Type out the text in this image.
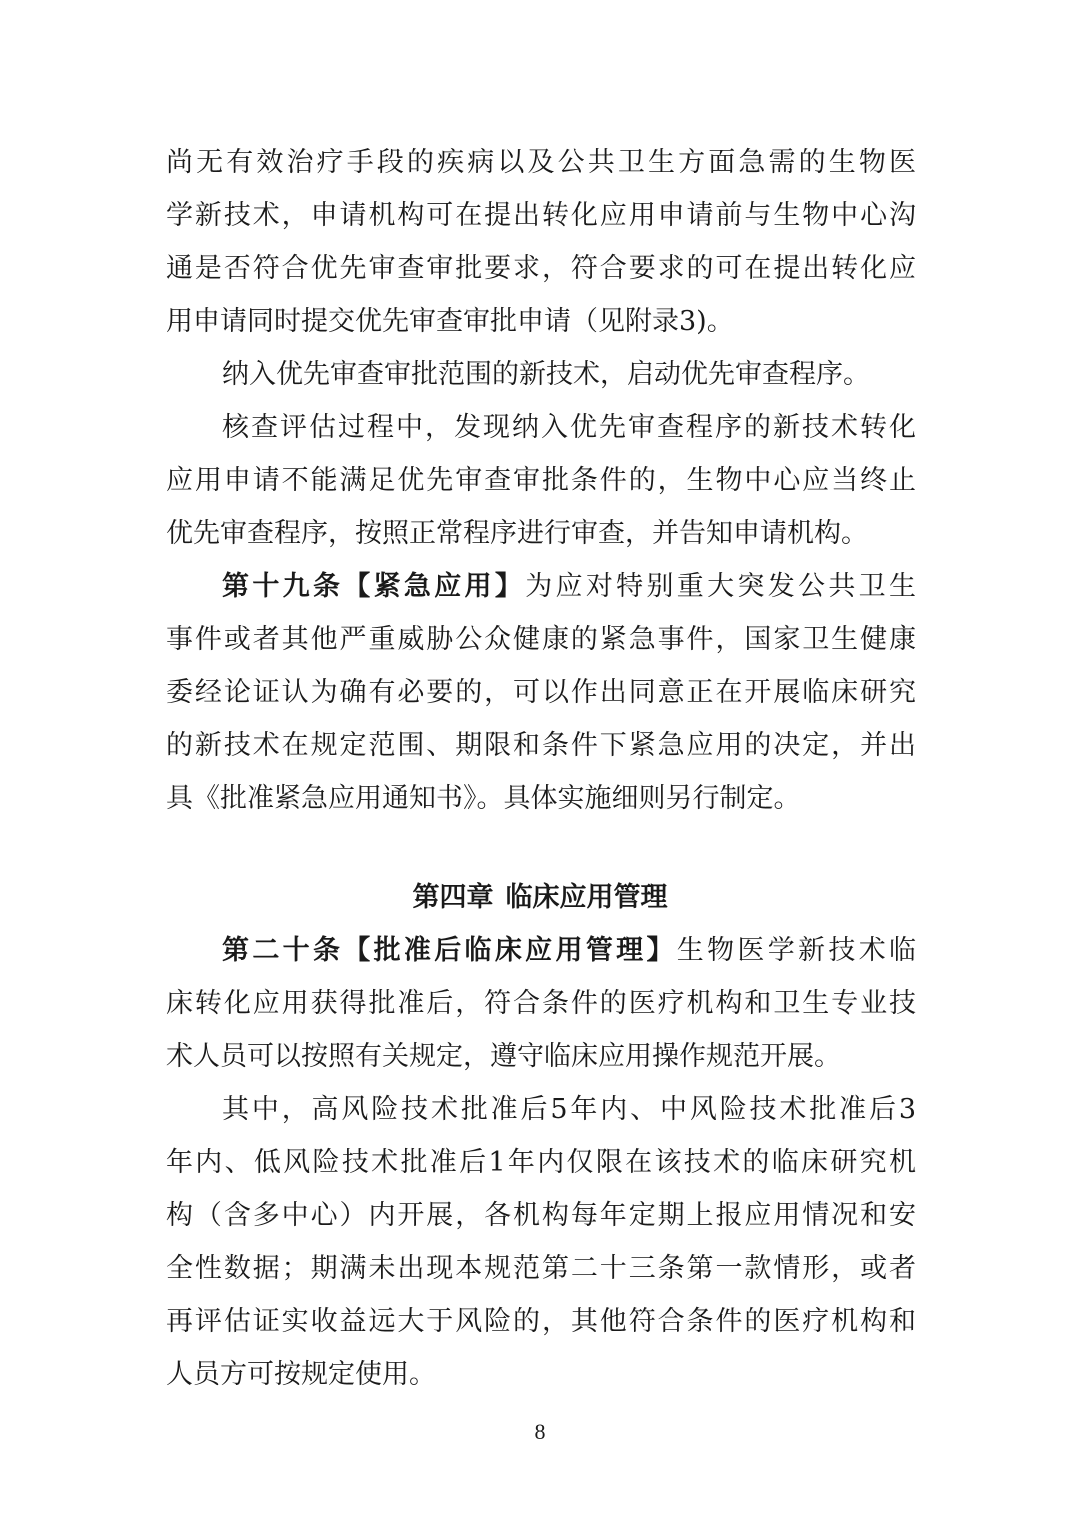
尚无有效治疗手段的疾病以及公共卫生方面急需的生物医
学新技术，申请机构可在提出转化应用申请前与生物中心沟
通是否符合优先审查审批要求，符合要求的可在提出转化应
用申请同时提交优先审查审批申请（见附录3)。
纳入优先审查审批范围的新技术，启动优先审查程序。
核查评估过程中，发现纳入优先审查程序的新技术转化
应用申请不能满足优先审查审批条件的，生物中心应当终止
优先审查程序，按照正常程序进行审查，并告知申请机构。
第十九条【紧急应用】为应对特别重大突发公共卫生
事件或者其他严重威胁公众健康的紧急事件，国家卫生健康
委经论证认为确有必要的，可以作出同意正在开展临床研究
的新技术在规定范围、期限和条件下紧急应用的决定，并出
具《批准紧急应用通知书》。具体实施细则另行制定。
第四章 临床应用管理
第二十条【批准后临床应用管理】生物医学新技术临
床转化应用获得批准后，符合条件的医疗机构和卫生专业技
术人员可以按照有关规定，遵守临床应用操作规范开展。
其中，高风险技术批准后5年内、中风险技术批准后3
年内、低风险技术批准后1年内仅限在该技术的临床研究机
构（含多中心）内开展，各机构每年定期上报应用情况和安
全性数据；期满未出现本规范第二十三条第一款情形，或者
再评估证实收益远大于风险的，其他符合条件的医疗机构和
人员方可按规定使用。
8
